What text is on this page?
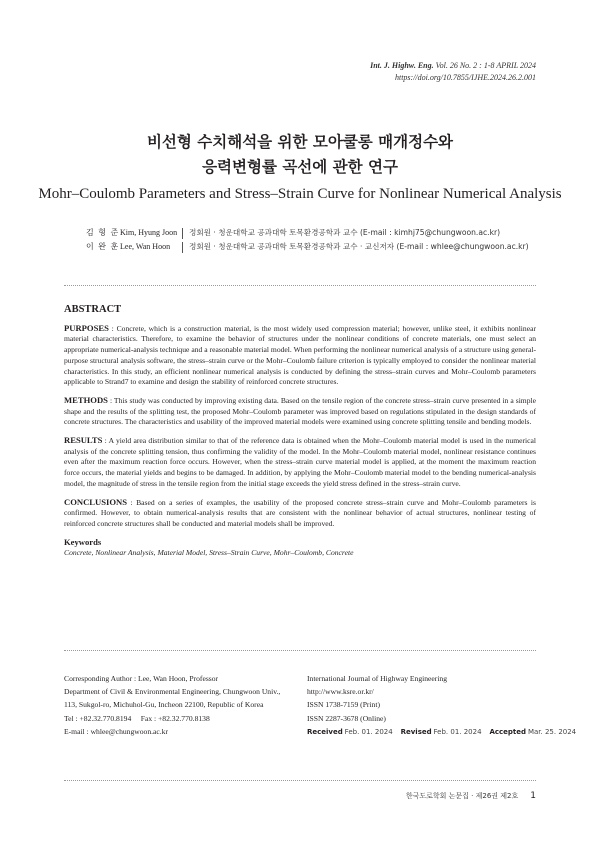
Int. J. Highw. Eng. Vol. 26 No. 2 : 1-8 APRIL 2024
https://doi.org/10.7855/IJHE.2024.26.2.001
비선형 수치해석을 위한 모아쿨롱 매개정수와
응력변형률 곡선에 관한 연구
Mohr–Coulomb Parameters and Stress–Strain Curve for Nonlinear Numerical Analysis
김 형 준 Kim, Hyung Joon	정회원 · 청운대학교 공과대학 토목환경공학과 교수 (E-mail : kimhj75@chungwoon.ac.kr)
이 완 훈 Lee, Wan Hoon	정회원 · 청운대학교 공과대학 토목환경공학과 교수 · 교신저자 (E-mail : whlee@chungwoon.ac.kr)
ABSTRACT

PURPOSES : Concrete, which is a construction material, is the most widely used compression material; however, unlike steel, it exhibits nonlinear material characteristics. Therefore, to examine the behavior of structures under the nonlinear conditions of concrete materials, one must select an appropriate numerical-analysis technique and a reasonable material model. When performing the nonlinear numerical analysis of a structure using general-purpose structural analysis software, the stress–strain curve or the Mohr–Coulomb failure criterion is typically employed to consider the nonlinear material characteristics. In this study, an efficient nonlinear numerical analysis is conducted by defining the stress–strain curves and Mohr–Coulomb parameters applicable to Strand7 to examine and design the stability of reinforced concrete structures.

METHODS : This study was conducted by improving existing data. Based on the tensile region of the concrete stress–strain curve presented in a simple shape and the results of the splitting test, the proposed Mohr–Coulomb parameter was improved based on regulations stipulated in the design standards of concrete structures. The characteristics and usability of the improved material models were examined using concrete splitting tensile and bending models.

RESULTS : A yield area distribution similar to that of the reference data is obtained when the Mohr–Coulomb material model is used in the numerical analysis of the concrete splitting tension, thus confirming the validity of the model. In the Mohr–Coulomb material model, nonlinear resistance continues even after the maximum reaction force occurs. However, when the stress–strain curve material model is applied, at the moment the maximum reaction force occurs, the material yields and begins to be damaged. In addition, by applying the Mohr–Coulomb material model to the bending numerical-analysis model, the magnitude of stress in the tensile region from the initial stage exceeds the yield stress defined in the stress–strain curve.

CONCLUSIONS : Based on a series of examples, the usability of the proposed concrete stress–strain curve and Mohr–Coulomb parameters is confirmed. However, to obtain numerical-analysis results that are consistent with the nonlinear behavior of actual structures, nonlinear testing of reinforced concrete structures shall be conducted and material models shall be improved.

Keywords

Concrete, Nonlinear Analysis, Material Model, Stress–Strain Curve, Mohr–Coulomb, Concrete

Corresponding Author : Lee, Wan Hoon, Professor
Department of Civil & Environmental Engineering, Chungwoon Univ.,
113, Sukgol-ro, Michuhol-Gu, Incheon 22100, Republic of Korea
Tel : +82.32.770.8194     Fax : +82.32.770.8138
E-mail : whlee@chungwoon.ac.kr
International Journal of Highway Engineering
http://www.ksre.or.kr/
ISSN 1738-7159 (Print)
ISSN 2287-3678 (Online)
Received Feb. 01. 2024 Revised Feb. 01. 2024 Accepted Mar. 25. 2024
한국도로학회 논문집 · 제26권 제2호 1
